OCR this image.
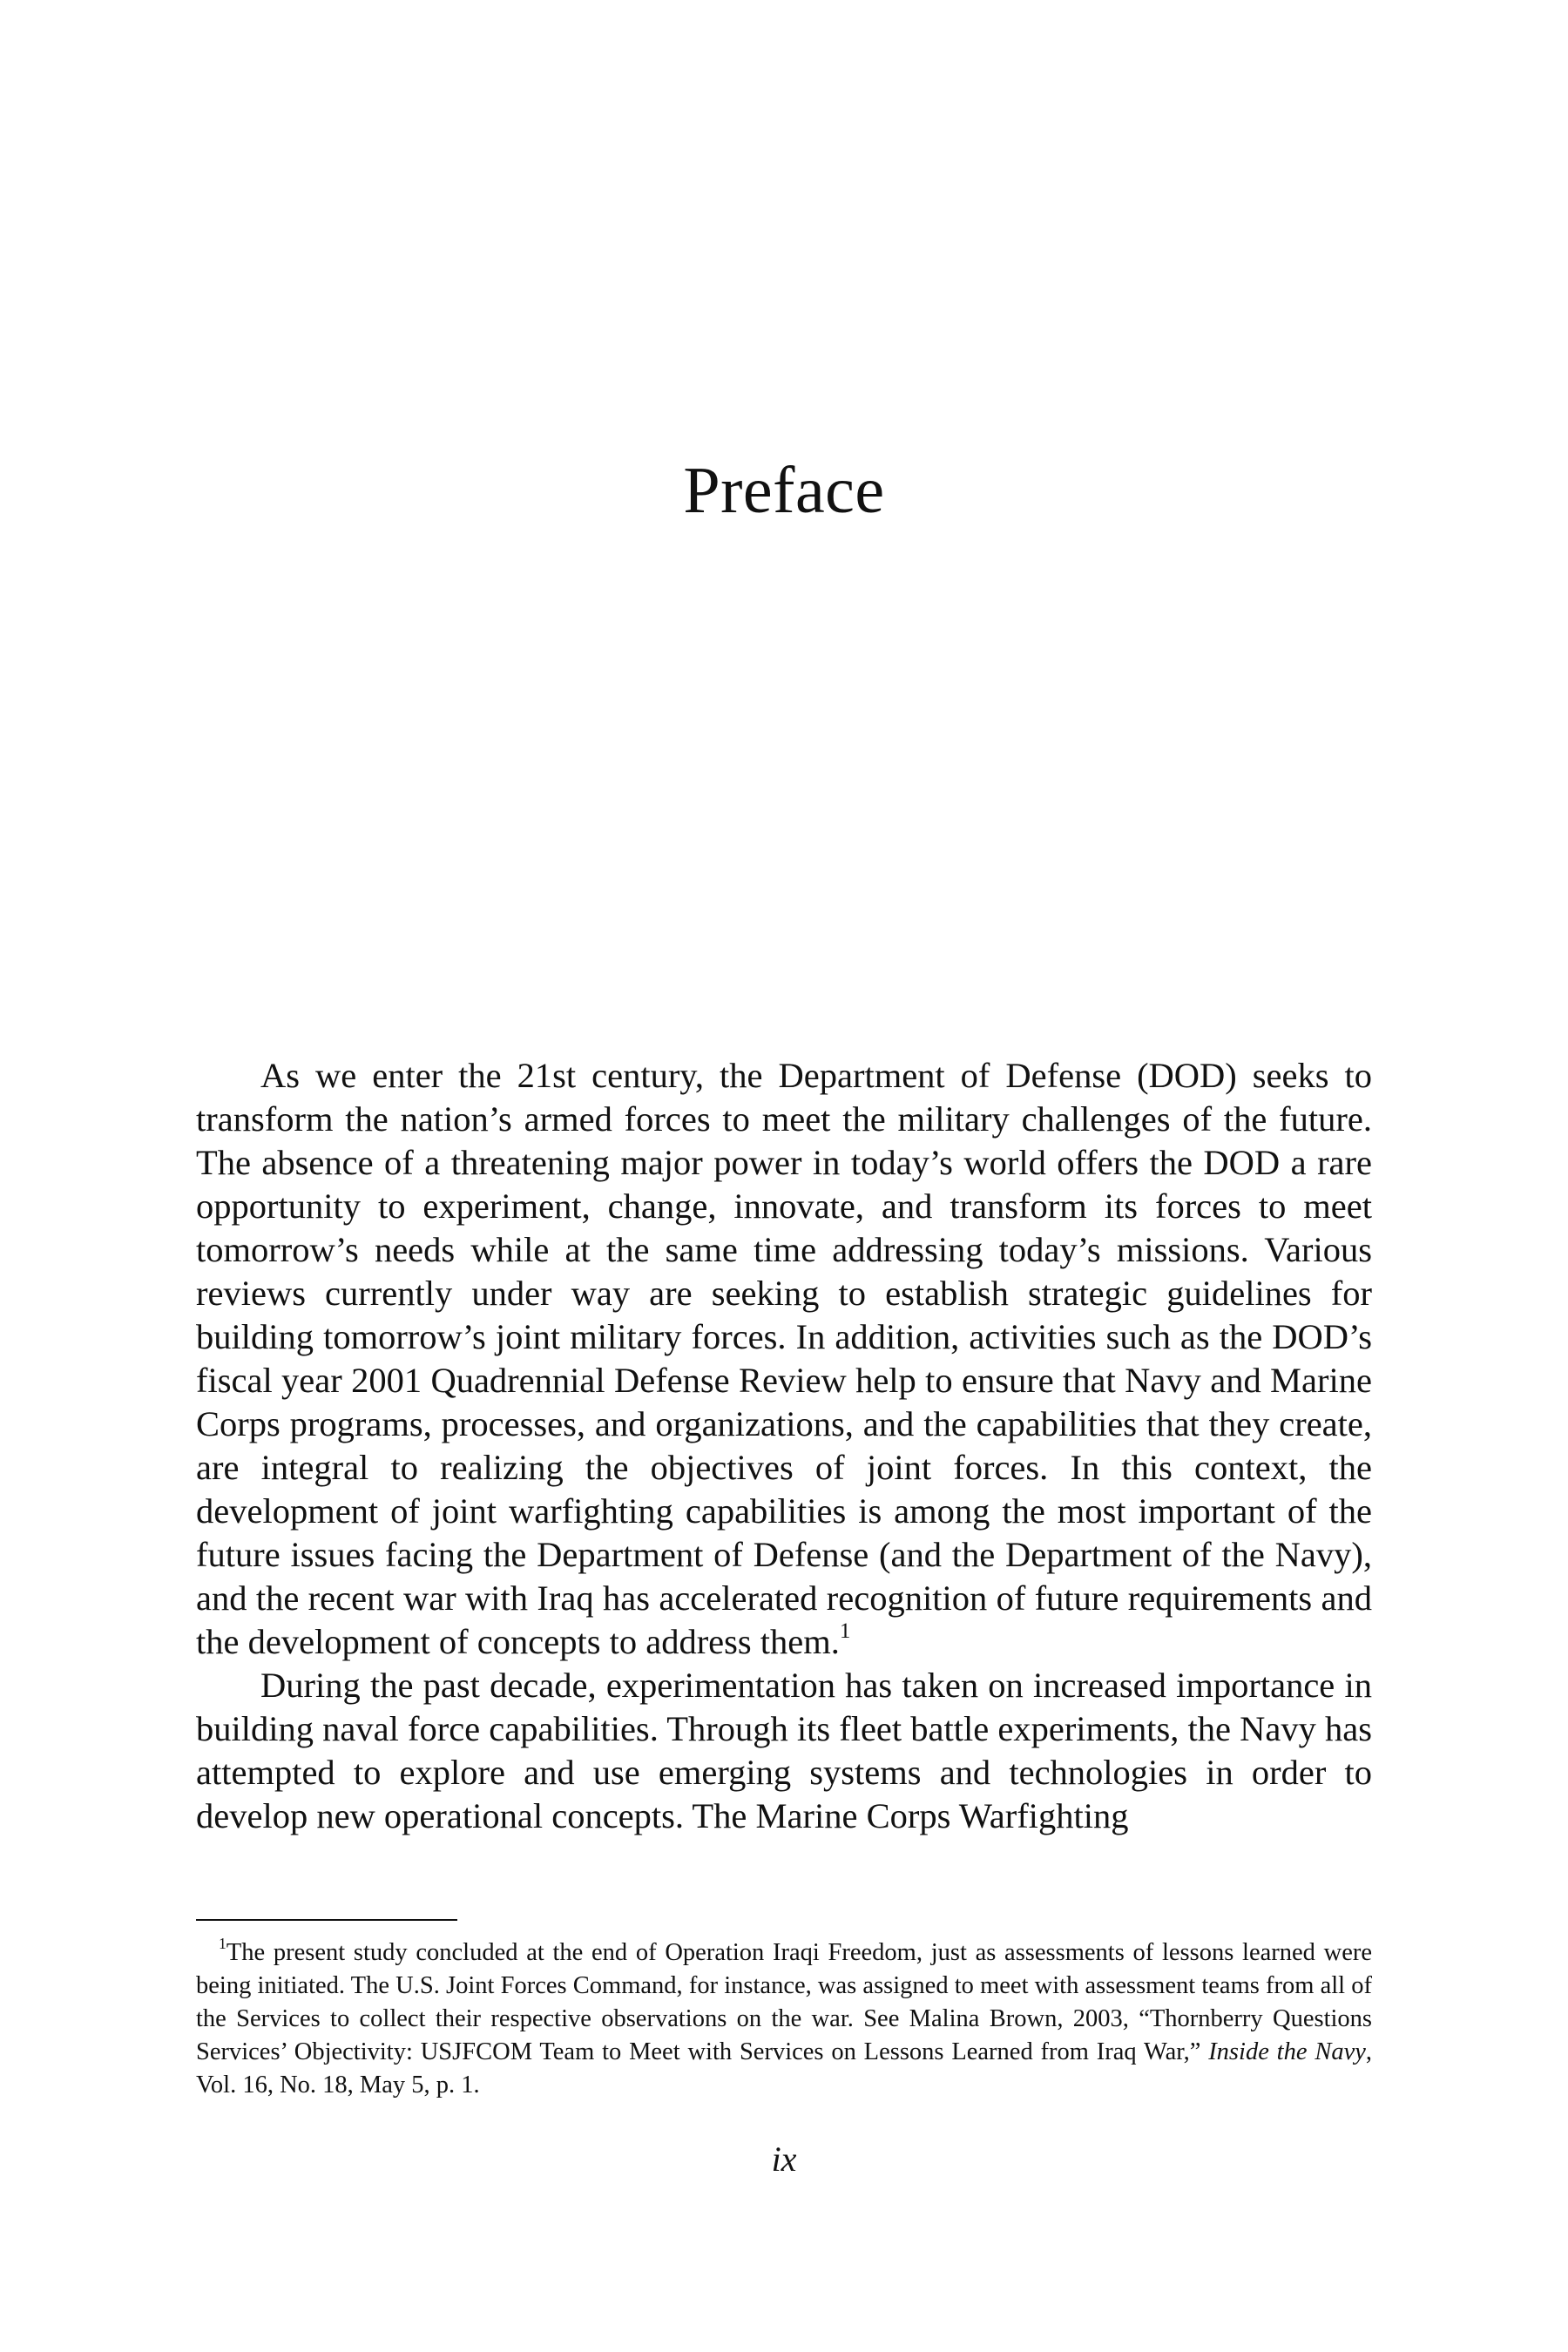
Preface

As we enter the 21st century, the Department of Defense (DOD) seeks to transform the nation’s armed forces to meet the military challenges of the future. The absence of a threatening major power in today’s world offers the DOD a rare opportunity to experiment, change, innovate, and transform its forces to meet tomorrow’s needs while at the same time addressing today’s missions. Various reviews currently under way are seeking to establish strategic guidelines for building tomorrow’s joint military forces. In addition, activities such as the DOD’s fiscal year 2001 Quadrennial Defense Review help to ensure that Navy and Marine Corps programs, processes, and organizations, and the capabilities that they create, are integral to realizing the objectives of joint forces. In this context, the development of joint warfighting capabilities is among the most important of the future issues facing the Department of Defense (and the Department of the Navy), and the recent war with Iraq has accelerated recognition of future requirements and the development of concepts to address them.$^1$

During the past decade, experimentation has taken on increased importance in building naval force capabilities. Through its fleet battle experiments, the Navy has attempted to explore and use emerging systems and technologies in order to develop new operational concepts. The Marine Corps Warfighting

$^1$The present study concluded at the end of Operation Iraqi Freedom, just as assessments of lessons learned were being initiated. The U.S. Joint Forces Command, for instance, was assigned to meet with assessment teams from all of the Services to collect their respective observations on the war. See Malina Brown, 2003, “Thornberry Questions Services’ Objectivity: USJFCOM Team to Meet with Services on Lessons Learned from Iraq War,” Inside the Navy, Vol. 16, No. 18, May 5, p. 1.

ix
